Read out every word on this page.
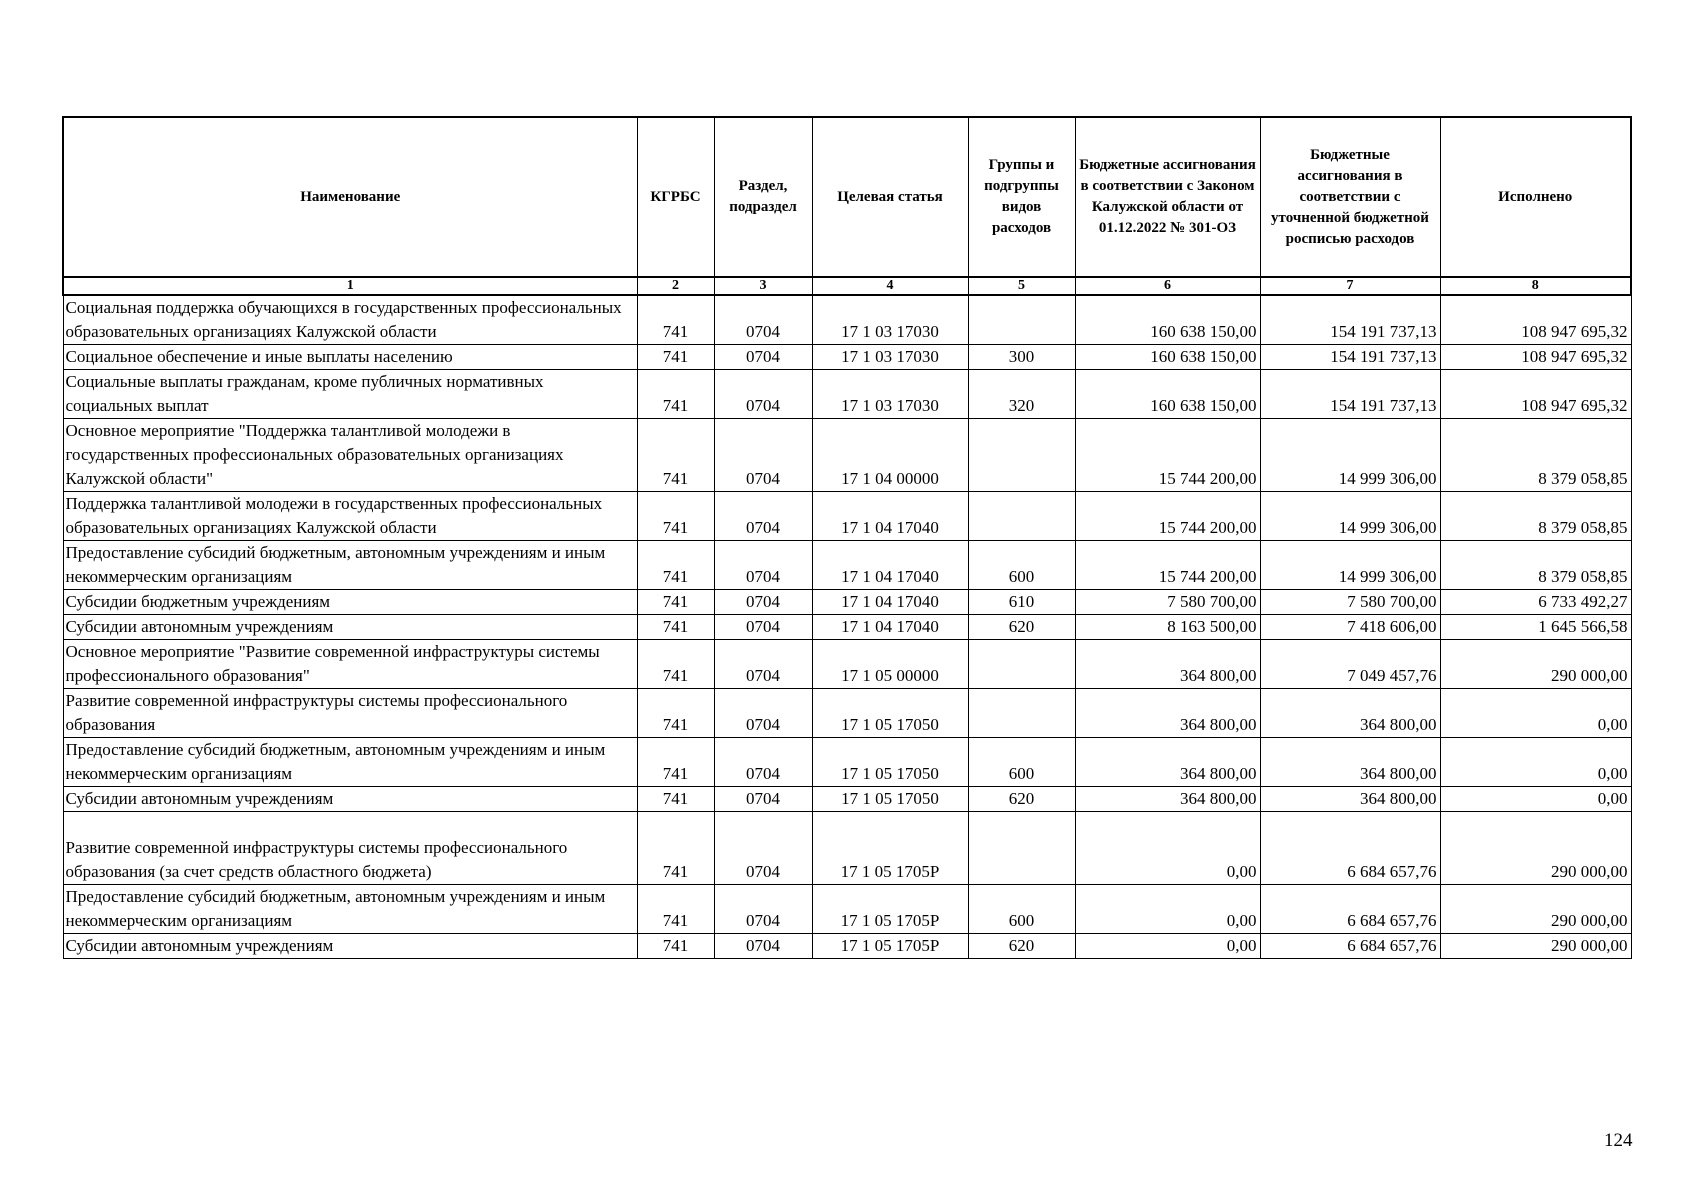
Наименование	КГРБС	Раздел, подраздел	Целевая статья	Группы и подгруппы видов расходов	Бюджетные ассигнования в соответствии с Законом Калужской области от 01.12.2022 № 301-ОЗ	Бюджетные ассигнования в соответствии с уточненной бюджетной росписью расходов	Исполнено
1	2	3	4	5	6	7	8
Социальная поддержка обучающихся в государственных профессиональных образовательных организациях Калужской области	741	0704	17 1 03 17030		160 638 150,00	154 191 737,13	108 947 695,32
Социальное обеспечение и иные выплаты населению	741	0704	17 1 03 17030	300	160 638 150,00	154 191 737,13	108 947 695,32
Социальные выплаты гражданам, кроме публичных нормативных социальных выплат	741	0704	17 1 03 17030	320	160 638 150,00	154 191 737,13	108 947 695,32
Основное мероприятие "Поддержка талантливой молодежи в государственных профессиональных образовательных организациях Калужской области"	741	0704	17 1 04 00000		15 744 200,00	14 999 306,00	8 379 058,85
Поддержка талантливой молодежи в государственных профессиональных образовательных организациях Калужской области	741	0704	17 1 04 17040		15 744 200,00	14 999 306,00	8 379 058,85
Предоставление субсидий бюджетным, автономным учреждениям и иным некоммерческим организациям	741	0704	17 1 04 17040	600	15 744 200,00	14 999 306,00	8 379 058,85
Субсидии бюджетным учреждениям	741	0704	17 1 04 17040	610	7 580 700,00	7 580 700,00	6 733 492,27
Субсидии автономным учреждениям	741	0704	17 1 04 17040	620	8 163 500,00	7 418 606,00	1 645 566,58
Основное мероприятие "Развитие современной инфраструктуры системы профессионального образования"	741	0704	17 1 05 00000		364 800,00	7 049 457,76	290 000,00
Развитие современной инфраструктуры системы профессионального образования	741	0704	17 1 05 17050		364 800,00	364 800,00	0,00
Предоставление субсидий бюджетным, автономным учреждениям и иным некоммерческим организациям	741	0704	17 1 05 17050	600	364 800,00	364 800,00	0,00
Субсидии автономным учреждениям	741	0704	17 1 05 17050	620	364 800,00	364 800,00	0,00
Развитие современной инфраструктуры системы профессионального образования (за счет средств областного бюджета)	741	0704	17 1 05 1705Р		0,00	6 684 657,76	290 000,00
Предоставление субсидий бюджетным, автономным учреждениям и иным некоммерческим организациям	741	0704	17 1 05 1705Р	600	0,00	6 684 657,76	290 000,00
Субсидии автономным учреждениям	741	0704	17 1 05 1705Р	620	0,00	6 684 657,76	290 000,00
124
